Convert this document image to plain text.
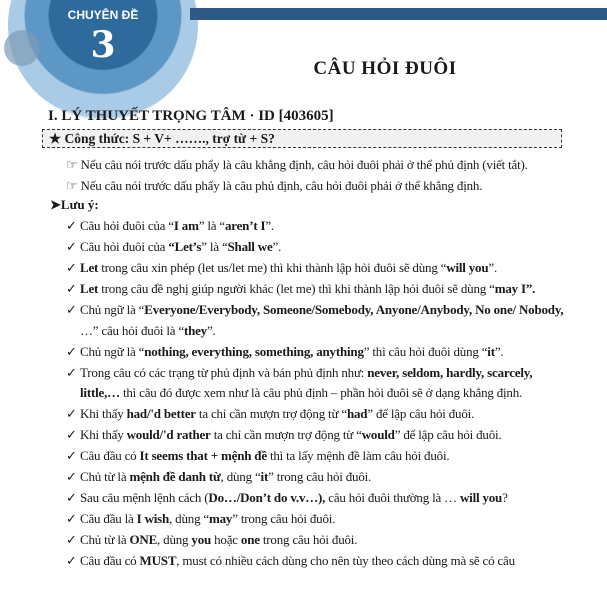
CHUYÊN ĐỀ
3
CÂU HỎI ĐUÔI
I. LÝ THUYẾT TRỌNG TÂM · ID [403605]
★ Công thức: S + V+ ……., trợ từ + S?
☞ Nếu câu nói trước dấu phẩy là câu khẳng định, câu hỏi đuôi phải ở thể phủ định (viết tắt).
☞ Nếu câu nói trước dấu phẩy là câu phủ định, câu hỏi đuôi phải ở thể khẳng định.
➤Lưu ý:
✓ Câu hỏi đuôi của “I am” là “aren’t I”.
✓ Câu hỏi đuôi của “Let’s” là “Shall we”.
✓ Let trong câu xin phép (let us/let me) thì khi thành lập hỏi đuôi sẽ dùng “will you”.
✓ Let trong câu đề nghị giúp người khác (let me) thì khi thành lập hỏi đuôi sẽ dùng “may I”.
✓ Chủ ngữ là “Everyone/Everybody, Someone/Somebody, Anyone/Anybody, No one/ Nobody, …” câu hỏi đuôi là “they”.
✓ Chủ ngữ là “nothing, everything, something, anything” thì câu hỏi đuôi dùng “it”.
✓ Trong câu có các trạng từ phủ định và bán phủ định như: never, seldom, hardly, scarcely, little,… thì câu đó được xem như là câu phủ định – phần hỏi đuôi sẽ ở dạng khẳng định.
✓ Khi thấy had/'d better ta chỉ cần mượn trợ động từ “had” để lập câu hỏi đuôi.
✓ Khi thấy would/'d rather ta chỉ cần mượn trợ động từ “would” để lập câu hỏi đuôi.
✓ Câu đầu có It seems that + mệnh đề thì ta lấy mệnh đề làm câu hỏi đuôi.
✓ Chủ từ là mệnh đề danh từ, dùng “it” trong câu hỏi đuôi.
✓ Sau câu mệnh lệnh cách (Do…/Don’t do v.v…), câu hỏi đuôi thường là … will you?
✓ Câu đầu là I wish, dùng “may” trong câu hỏi đuôi.
✓ Chủ từ là ONE, dùng you hoặc one trong câu hỏi đuôi.
✓ Câu đầu có MUST, must có nhiều cách dùng cho nên tùy theo cách dùng mà sẽ có câu
